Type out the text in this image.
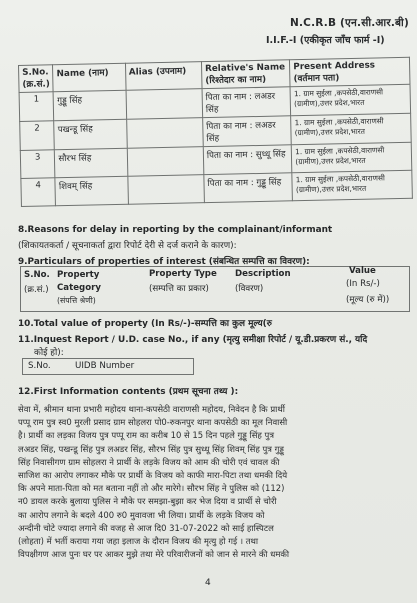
N.C.R.B (एन.सी.आर.बी)
I.I.F.-I (एकीकृत जाँच फार्म -I)
S.No.
(क्र.सं.)	Name (नाम)	Alias (उपनाम)	Relative's Name
(रिश्तेदार का नाम)	Present Address
(वर्तमान पता)
1	गुड्डू सिंह		पिता का नाम : लअडर सिंह	1. ग्राम सुईला ,कपसेठी,वाराणसी (ग्रामीण),उत्तर प्रदेश,भारत
2	पखन्डू सिंह		पिता का नाम : लअडर सिंह	1. ग्राम सुईला ,कपसेठी,वाराणसी (ग्रामीण),उत्तर प्रदेश,भारत
3	सौरभ सिंह		पिता का नाम : सुध्धू सिंह	1. ग्राम सुईला ,कपसेठी,वाराणसी (ग्रामीण),उत्तर प्रदेश,भारत
4	शिवम् सिंह		पिता का नाम : गुड्डू सिंह	1. ग्राम सुईला ,कपसेठी,वाराणसी (ग्रामीण),उत्तर प्रदेश,भारत
8.Reasons for delay in reporting by the complainant/informant
(शिकायतकर्ता / सूचनाकर्ता द्वारा रिपोर्ट देरी से दर्ज कराने के कारण):
9.Particulars of properties of interest (संबन्धित सम्पत्ति का विवरण):
S.No.
(क्र.सं.)
Property
Category
(संपत्ति श्रेणी)
Property Type
(सम्पत्ति का प्रकार)
Description
(विवरण)
Value
(In Rs/-)
(मूल्य (रु में))
10.Total value of property (In Rs/-)-सम्पत्ति का कुल मूल्य(रु
11.Inquest Report / U.D. case No., if any (मृत्यु समीक्षा रिपोर्ट / यू.डी.प्रकरण सं., यदि
कोई हो):
S.No.	UIDB Number
12.First Information contents (प्रथम सूचना तथ्य ):
सेवा में, श्रीमान थाना प्रभारी महोदय थाना-कपसेठी वाराणसी महोदय, निवेदन है कि प्रार्थी
पप्पू राम पुत्र स्व0 मुरली प्रसाद ग्राम सोहलरा पो0-रुकनपुर थाना कपसेठी का मूल निवासी
है। प्रार्थी का लड़का विजय पुत्र पप्पू राम का करीब 10 से 15 दिन पहले गुड्डू सिंह पुत्र
लअडर सिंह, पखन्डू सिंह पुत्र लअडर सिंह, सौरभ सिंह पुत्र सुध्धू सिंह शिवम् सिंह पुत्र गुड्डू
सिंह निवासीगण ग्राम सोहलरा ने प्रार्थी के लड़के विजय को आम की चोरी एवं चावल की
साजिश का आरोप लगाकर मौके पर प्रार्थी के विजय को काफी मारा-पिटा तथा धमकी दिये
कि अपने माता-पिता को मत बताना नहीं तो और मारेगे। सौरभ सिंह ने पुलिस को (112)
न0 डायल करके बुलाया पुलिस ने मौके पर समझा-बुझा कर भेज दिया व प्रार्थी से चोरी
का आरोप लगाने के बदले 400 रु0 मुवावजा भी लिया। प्रार्थी के लड़के विजय को
अन्दीनी चोटे ज्यादा लगाने की वजह से आज दि0 31-07-2022 को साई हास्पिटल
(लोहता) में भर्ती कराया गया जहा इलाज के दौरान विजय की मृत्यु हो गई । तथा
विपक्षीगण आज पुनः घर पर आकर मुझे तथा मेरे परिवारीजनों को जान से मारने की धमकी
4
